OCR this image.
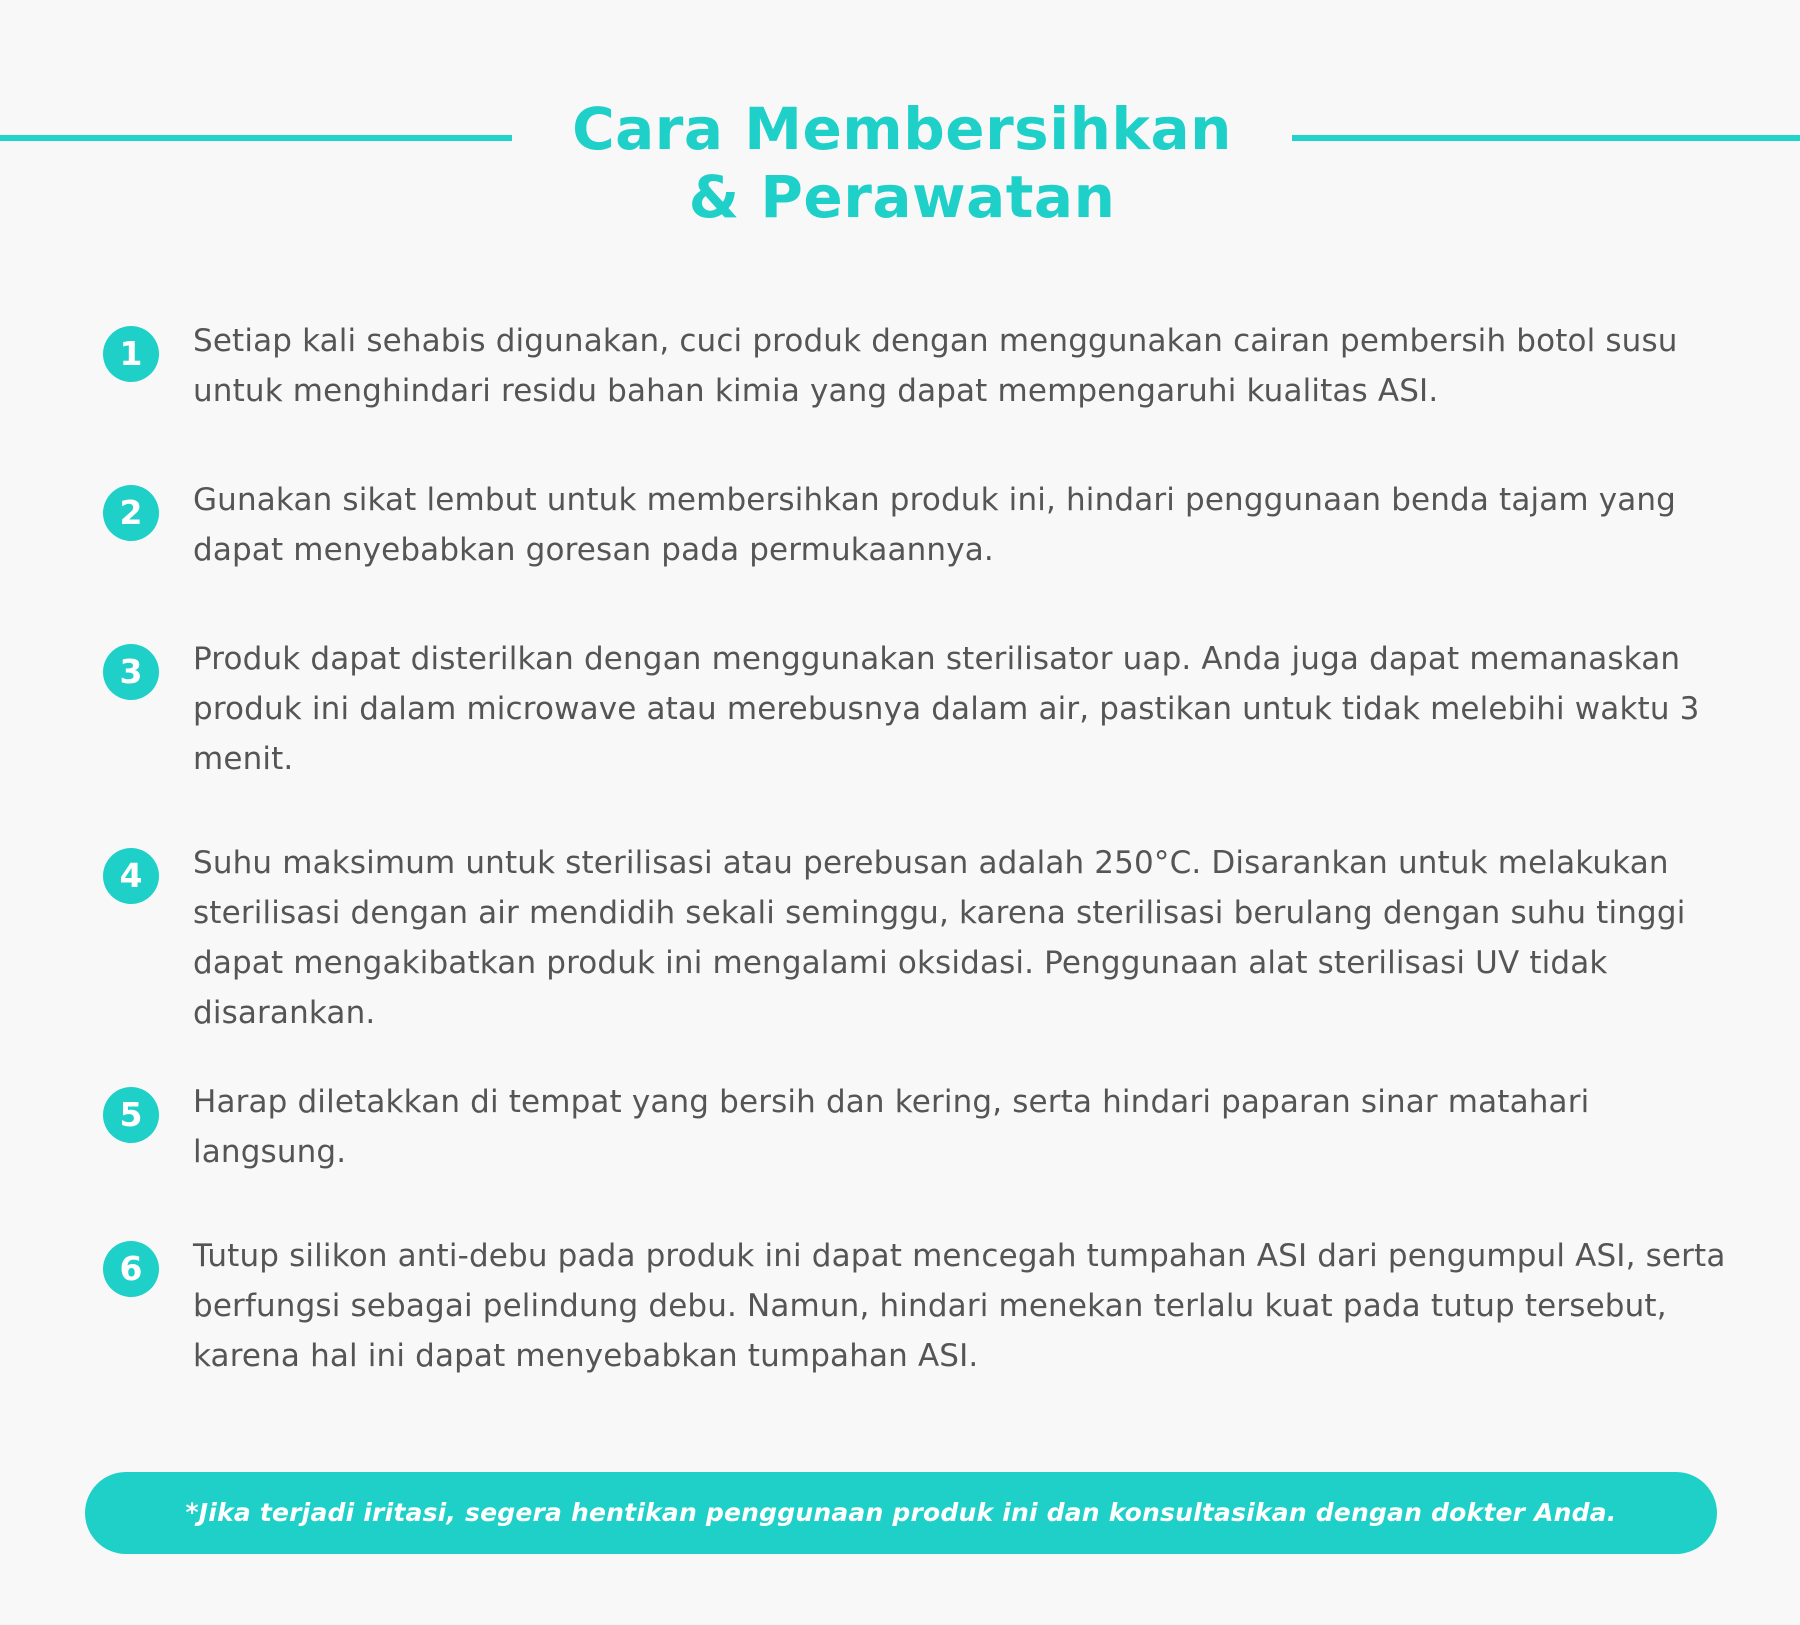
Cara Membersihkan
& Perawatan
1	Setiap kali sehabis digunakan, cuci produk dengan menggunakan cairan pembersih botol susu untuk menghindari residu bahan kimia yang dapat mempengaruhi kualitas ASI.
2	Gunakan sikat lembut untuk membersihkan produk ini, hindari penggunaan benda tajam yang dapat menyebabkan goresan pada permukaannya.
3	Produk dapat disterilkan dengan menggunakan sterilisator uap. Anda juga dapat memanaskan produk ini dalam microwave atau merebusnya dalam air, pastikan untuk tidak melebihi waktu 3 menit.
4	Suhu maksimum untuk sterilisasi atau perebusan adalah 250°C. Disarankan untuk melakukan sterilisasi dengan air mendidih sekali seminggu, karena sterilisasi berulang dengan suhu tinggi dapat mengakibatkan produk ini mengalami oksidasi. Penggunaan alat sterilisasi UV tidak disarankan.
5	Harap diletakkan di tempat yang bersih dan kering, serta hindari paparan sinar matahari langsung.
6	Tutup silikon anti-debu pada produk ini dapat mencegah tumpahan ASI dari pengumpul ASI, serta berfungsi sebagai pelindung debu. Namun, hindari menekan terlalu kuat pada tutup tersebut, karena hal ini dapat menyebabkan tumpahan ASI.
*Jika terjadi iritasi, segera hentikan penggunaan produk ini dan konsultasikan dengan dokter Anda.
